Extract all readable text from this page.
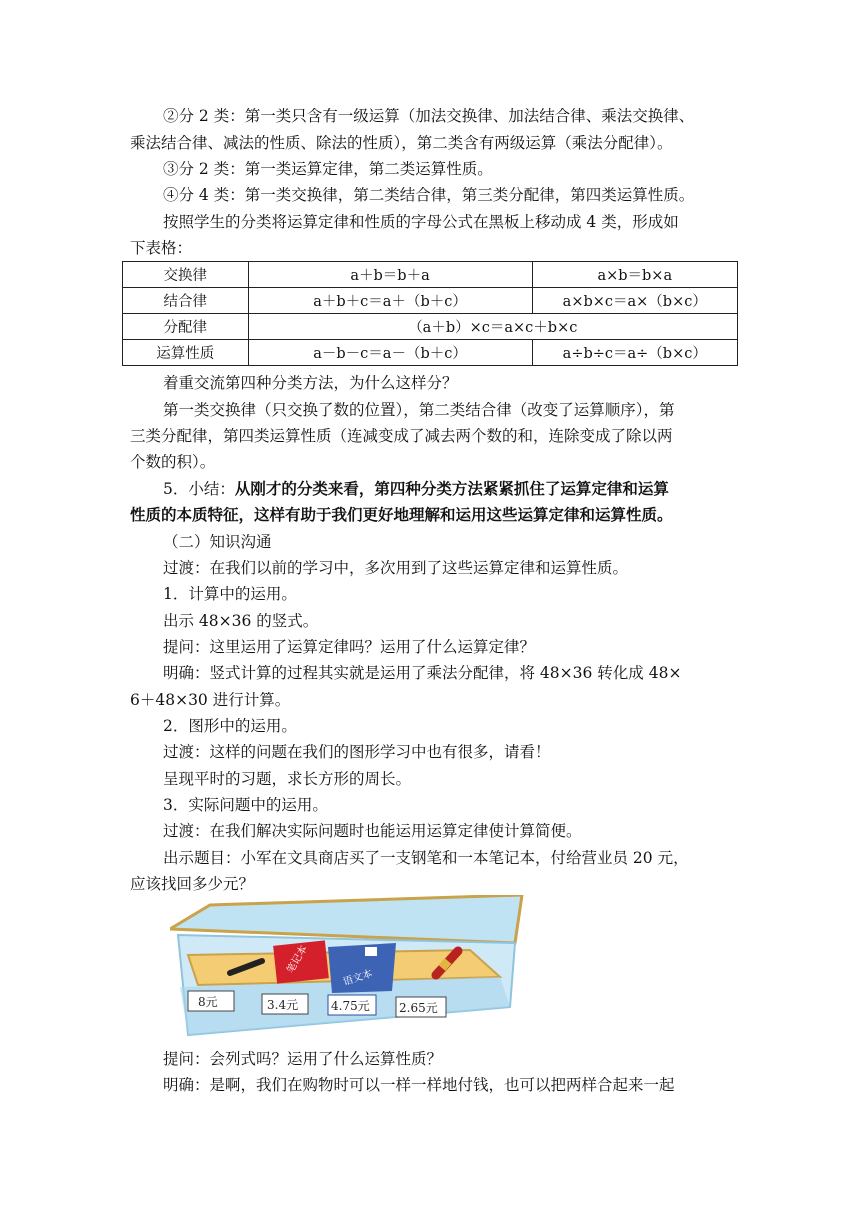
②分 2 类：第一类只含有一级运算（加法交换律、加法结合律、乘法交换律、

乘法结合律、减法的性质、除法的性质），第二类含有两级运算（乘法分配律）。

③分 2 类：第一类运算定律，第二类运算性质。

④分 4 类：第一类交换律，第二类结合律，第三类分配律，第四类运算性质。

按照学生的分类将运算定律和性质的字母公式在黑板上移动成 4 类，形成如

下表格：

交换律	a＋b＝b＋a	a×b＝b×a
结合律	a＋b＋c＝a＋（b＋c）	a×b×c＝a×（b×c）
分配律	（a＋b）×c＝a×c＋b×c	
运算性质	a－b－c＝a－（b＋c）	a÷b÷c＝a÷（b×c）

着重交流第四种分类方法，为什么这样分？

第一类交换律（只交换了数的位置），第二类结合律（改变了运算顺序），第

三类分配律，第四类运算性质（连减变成了减去两个数的和，连除变成了除以两

个数的积）。

5．小结：从刚才的分类来看，第四种分类方法紧紧抓住了运算定律和运算

性质的本质特征，这样有助于我们更好地理解和运用这些运算定律和运算性质。

（二）知识沟通

过渡：在我们以前的学习中，多次用到了这些运算定律和运算性质。

1．计算中的运用。

出示 48×36 的竖式。

提问：这里运用了运算定律吗？运用了什么运算定律？

明确：竖式计算的过程其实就是运用了乘法分配律，将 48×36 转化成 48×

6＋48×30 进行计算。

2．图形中的运用。

过渡：这样的问题在我们的图形学习中也有很多，请看！

呈现平时的习题，求长方形的周长。

3．实际问题中的运用。

过渡：在我们解决实际问题时也能运用运算定律使计算简便。

出示题目：小军在文具商店买了一支钢笔和一本笔记本，付给营业员 20 元，

应该找回多少元？

笔记本
语文本
8元	3.4元	4.75元 2.65元

提问：会列式吗？运用了什么运算性质？

明确：是啊，我们在购物时可以一样一样地付钱，也可以把两样合起来一起
